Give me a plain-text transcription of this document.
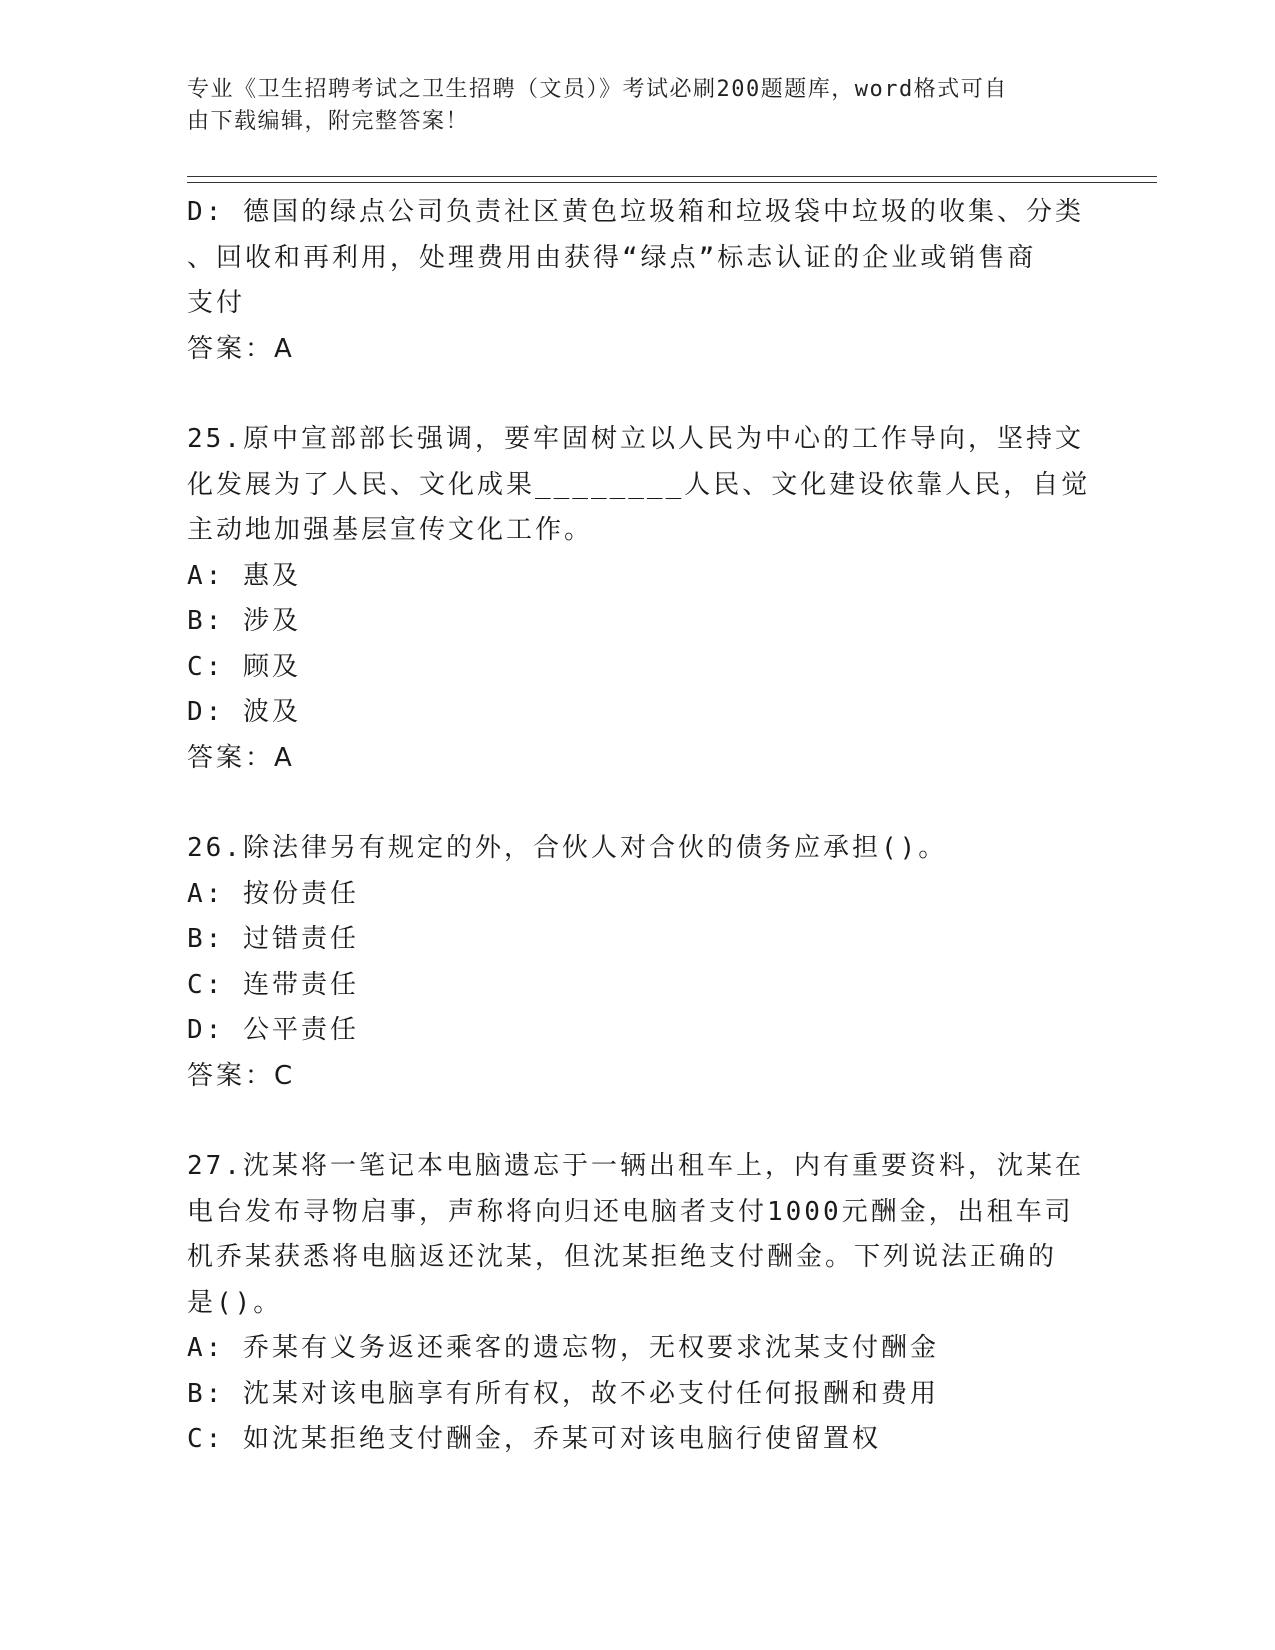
专业《卫生招聘考试之卫生招聘（文员）》考试必刷200题题库，word格式可自
由下载编辑，附完整答案！
D: 德国的绿点公司负责社区黄色垃圾箱和垃圾袋中垃圾的收集、分类
、回收和再利用，处理费用由获得“绿点”标志认证的企业或销售商
支付
答案：A
25.原中宣部部长强调，要牢固树立以人民为中心的工作导向，坚持文
化发展为了人民、文化成果________人民、文化建设依靠人民，自觉
主动地加强基层宣传文化工作。
A: 惠及
B: 涉及
C: 顾及
D: 波及
答案：A
26.除法律另有规定的外，合伙人对合伙的债务应承担()。
A: 按份责任
B: 过错责任
C: 连带责任
D: 公平责任
答案：C
27.沈某将一笔记本电脑遗忘于一辆出租车上，内有重要资料，沈某在
电台发布寻物启事，声称将向归还电脑者支付1000元酬金，出租车司
机乔某获悉将电脑返还沈某，但沈某拒绝支付酬金。下列说法正确的
是()。
A: 乔某有义务返还乘客的遗忘物，无权要求沈某支付酬金
B: 沈某对该电脑享有所有权，故不必支付任何报酬和费用
C: 如沈某拒绝支付酬金，乔某可对该电脑行使留置权
